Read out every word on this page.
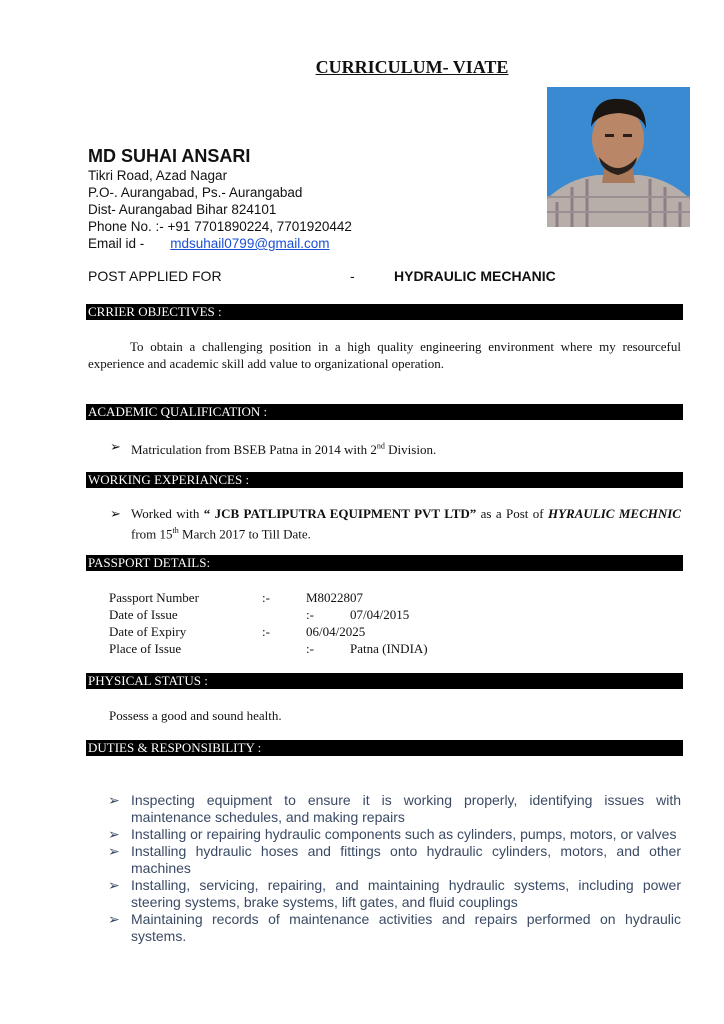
CURRICULUM- VIATE
MD SUHAI ANSARI
Tikri Road, Azad Nagar
P.O-. Aurangabad, Ps.- Aurangabad
Dist- Aurangabad Bihar 824101
Phone No. :- +91 7701890224, 7701920442
Email id - mdsuhail0799@gmail.com
POST APPLIED FOR	-	HYDRAULIC MECHANIC
CRRIER OBJECTIVES :
To obtain a challenging position in a high quality engineering environment where my resourceful experience and academic skill add value to organizational operation.
ACADEMIC QUALIFICATION :
➢ Matriculation from BSEB Patna in 2014 with 2nd Division.
WORKING EXPERIANCES :
➢ Worked with “ JCB PATLIPUTRA EQUIPMENT PVT LTD” as a Post of HYRAULIC MECHNIC from 15th March 2017 to Till Date.
PASSPORT DETAILS:
Passport Number	:-	M8022807
Date of Issue	:-	07/04/2015
Date of Expiry	:-	06/04/2025
Place of Issue	:-	Patna (INDIA)
PHYSICAL STATUS :
Possess a good and sound health.
DUTIES & RESPONSIBILITY :
➢ Inspecting equipment to ensure it is working properly, identifying issues with maintenance schedules, and making repairs
➢ Installing or repairing hydraulic components such as cylinders, pumps, motors, or valves
➢ Installing hydraulic hoses and fittings onto hydraulic cylinders, motors, and other machines
➢ Installing, servicing, repairing, and maintaining hydraulic systems, including power steering systems, brake systems, lift gates, and fluid couplings
➢ Maintaining records of maintenance activities and repairs performed on hydraulic systems.
